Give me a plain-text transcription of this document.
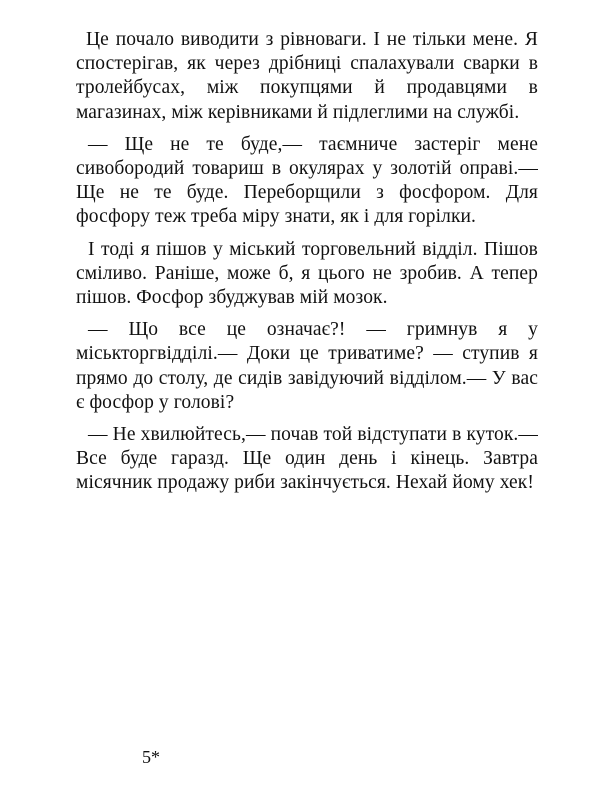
Це почало виводити з рівноваги. І не тільки мене. Я спостерігав, як через дрібниці спалахували сварки в тролейбусах, між покупцями й продавцями в магазинах, між керівниками й підлеглими на службі.

— Ще не те буде,— таємниче застеріг мене сивобородий товариш в окулярах у золотій оправі.—Ще не те буде. Переборщили з фосфором. Для фосфору теж треба міру знати, як і для горілки.

І тоді я пішов у міський торговельний відділ. Пішов сміливо. Раніше, може б, я цього не зробив. А тепер пішов. Фосфор збуджував мій мозок.

— Що все це означає?! — гримнув я у міськторгвідділі.— Доки це триватиме? — ступив я прямо до столу, де сидів завідуючий відділом.— У вас є фосфор у голові?

— Не хвилюйтесь,— почав той відступати в куток.—Все буде гаразд. Ще один день і кінець. Завтра місячник продажу риби закінчується. Нехай йому хек!

5*
